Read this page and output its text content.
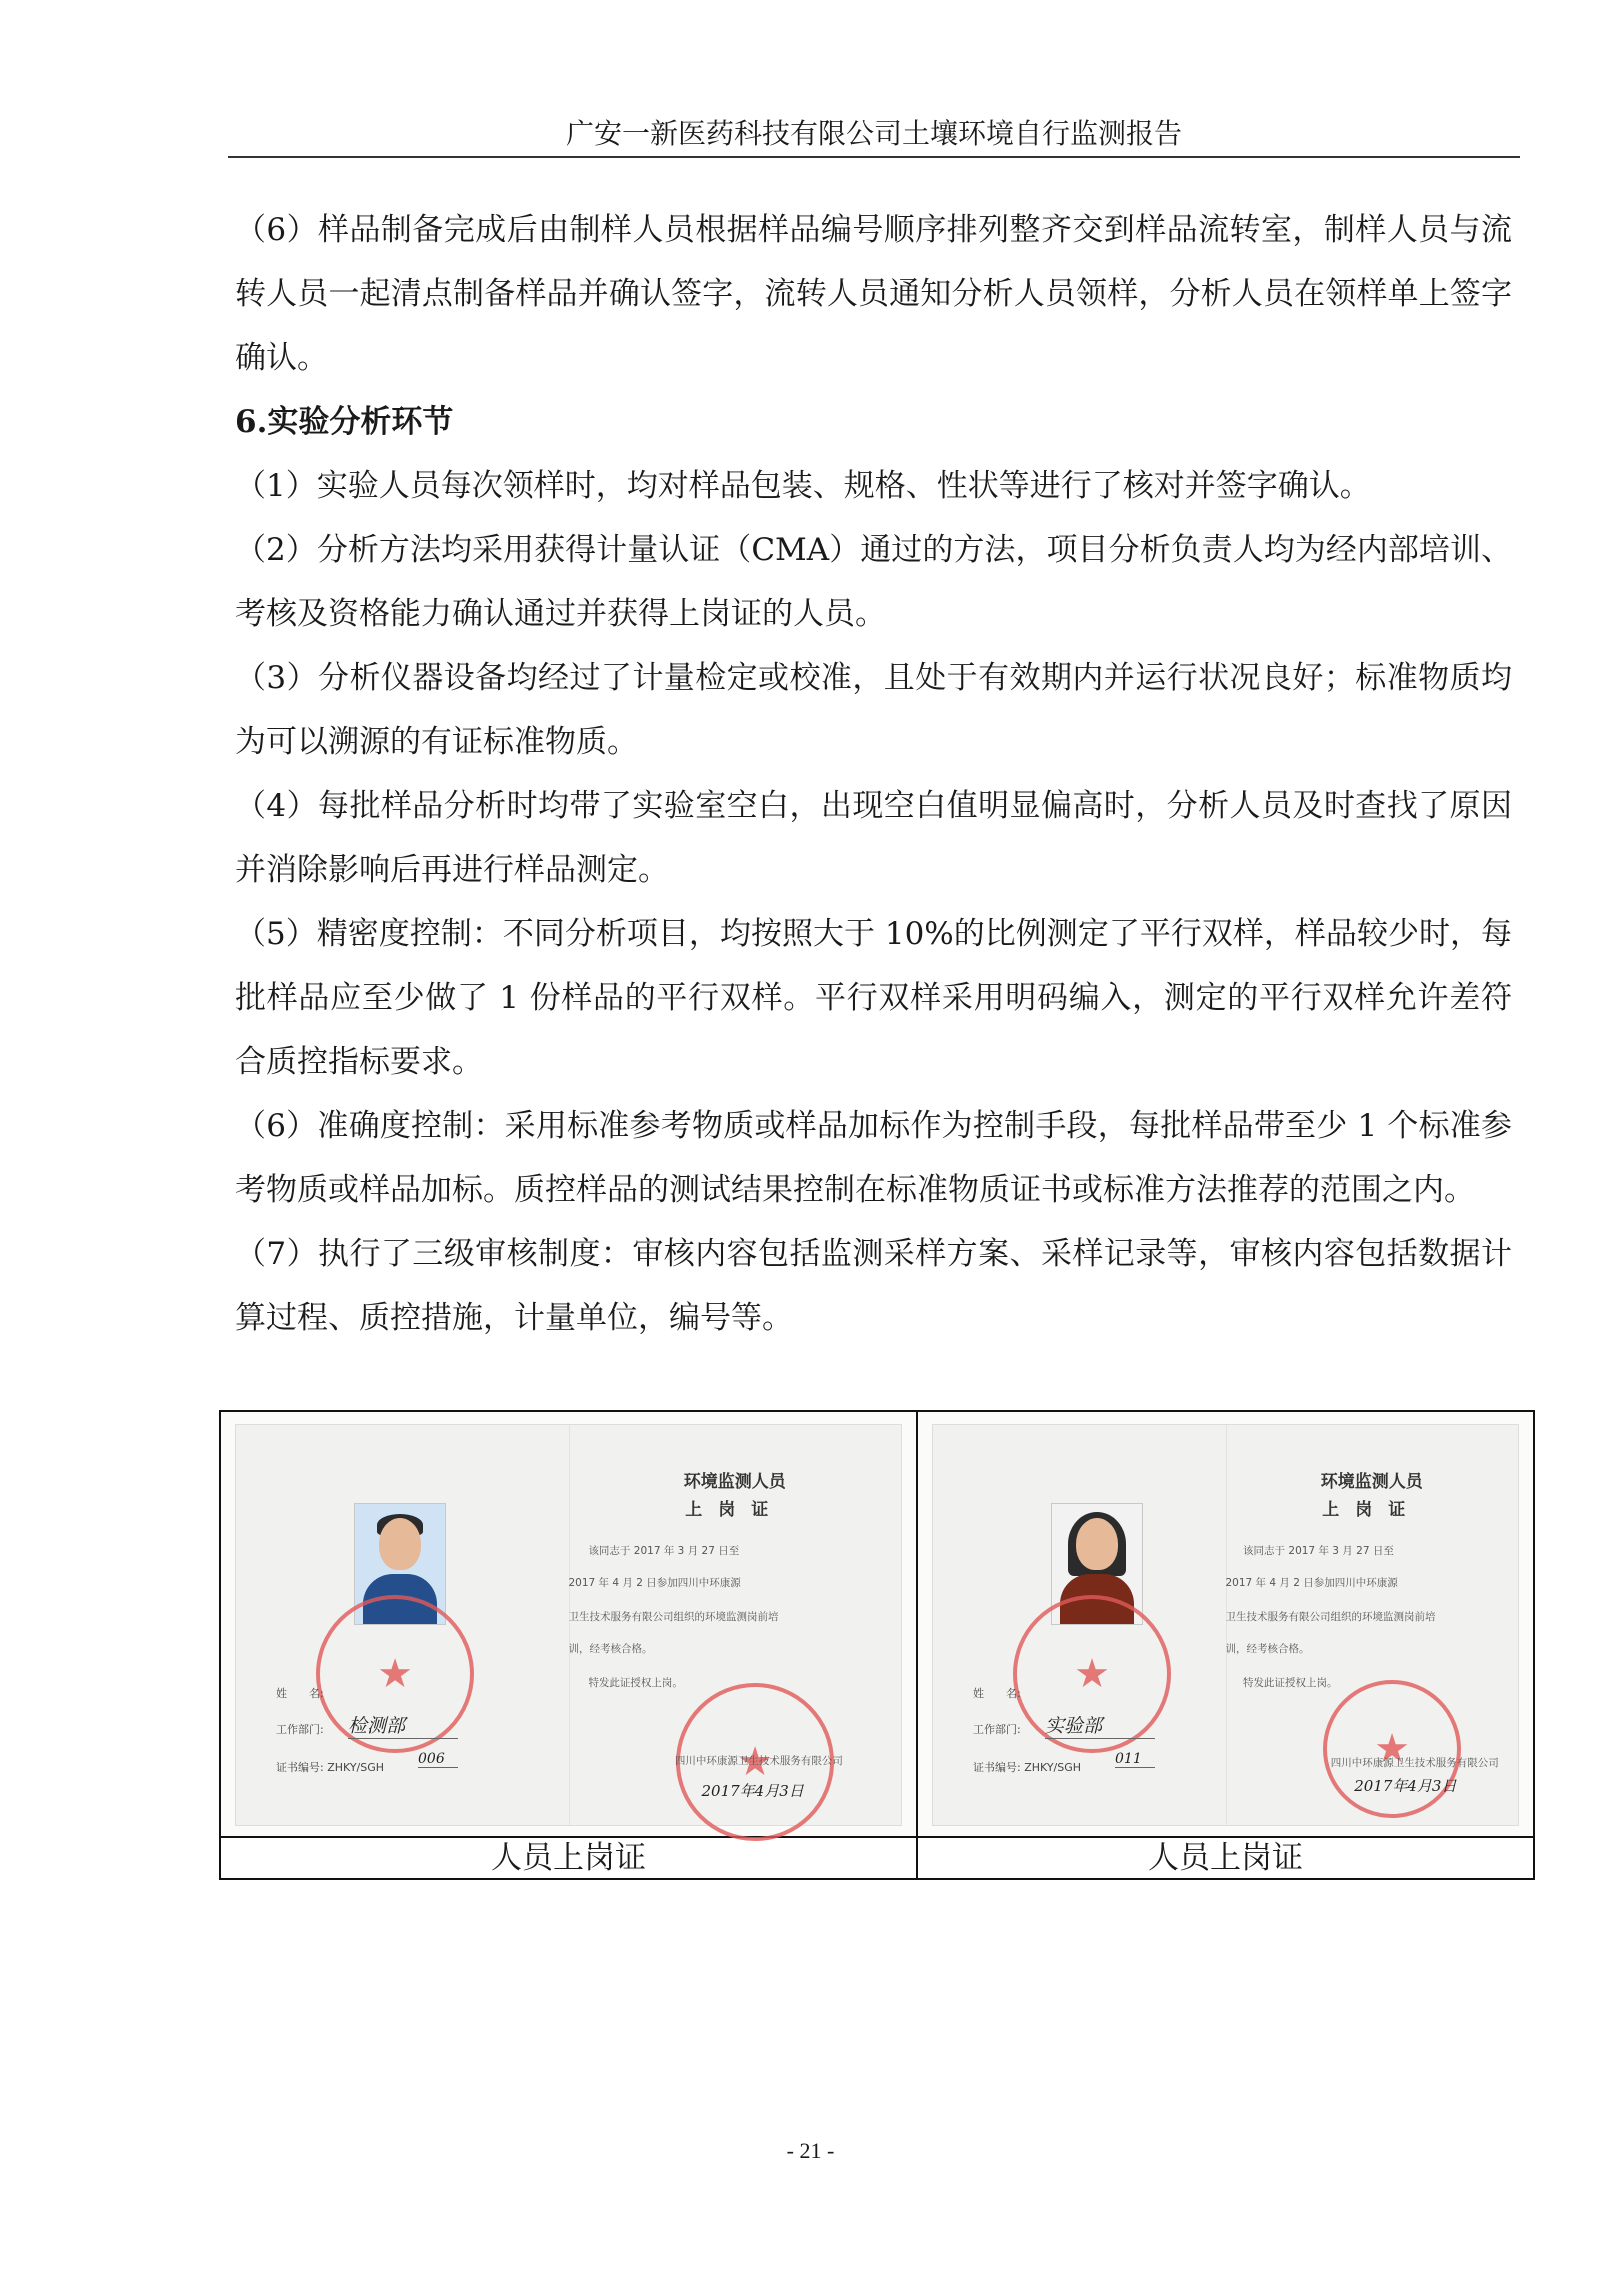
广安一新医药科技有限公司土壤环境自行监测报告

（6）样品制备完成后由制样人员根据样品编号顺序排列整齐交到样品流转室，制样人员与流转人员一起清点制备样品并确认签字，流转人员通知分析人员领样，分析人员在领样单上签字确认。

6.实验分析环节

（1）实验人员每次领样时，均对样品包装、规格、性状等进行了核对并签字确认。

（2）分析方法均采用获得计量认证（CMA）通过的方法，项目分析负责人均为经内部培训、考核及资格能力确认通过并获得上岗证的人员。

（3）分析仪器设备均经过了计量检定或校准，且处于有效期内并运行状况良好；标准物质均为可以溯源的有证标准物质。

（4）每批样品分析时均带了实验室空白，出现空白值明显偏高时，分析人员及时查找了原因并消除影响后再进行样品测定。

（5）精密度控制：不同分析项目，均按照大于 10%的比例测定了平行双样，样品较少时，每批样品应至少做了 1 份样品的平行双样。平行双样采用明码编入，测定的平行双样允许差符合质控指标要求。

（6）准确度控制：采用标准参考物质或样品加标作为控制手段，每批样品带至少 1 个标准参考物质或样品加标。质控样品的测试结果控制在标准物质证书或标准方法推荐的范围之内。

（7）执行了三级审核制度：审核内容包括监测采样方案、采样记录等，审核内容包括数据计算过程、质控措施，计量单位，编号等。

★
★
环境监测人员
上岗证
该同志于 2017 年 3 月 27 日至
2017 年 4 月 2 日参加四川中环康源
卫生技术服务有限公司组织的环境监测岗前培
训，经考核合格。
特发此证授权上岗。
姓　　名:
工作部门: 检测部
证书编号: ZHKY/SGH
006	四川中环康源卫生技术服务有限公司
2017年4月3日
★
★
环境监测人员
上岗证
该同志于 2017 年 3 月 27 日至
2017 年 4 月 2 日参加四川中环康源
卫生技术服务有限公司组织的环境监测岗前培
训，经考核合格。
特发此证授权上岗。
姓　　名:
工作部门: 实验部
证书编号: ZHKY/SGH
011	四川中环康源卫生技术服务有限公司
2017年4月3日
人员上岗证	人员上岗证
- 21 -
